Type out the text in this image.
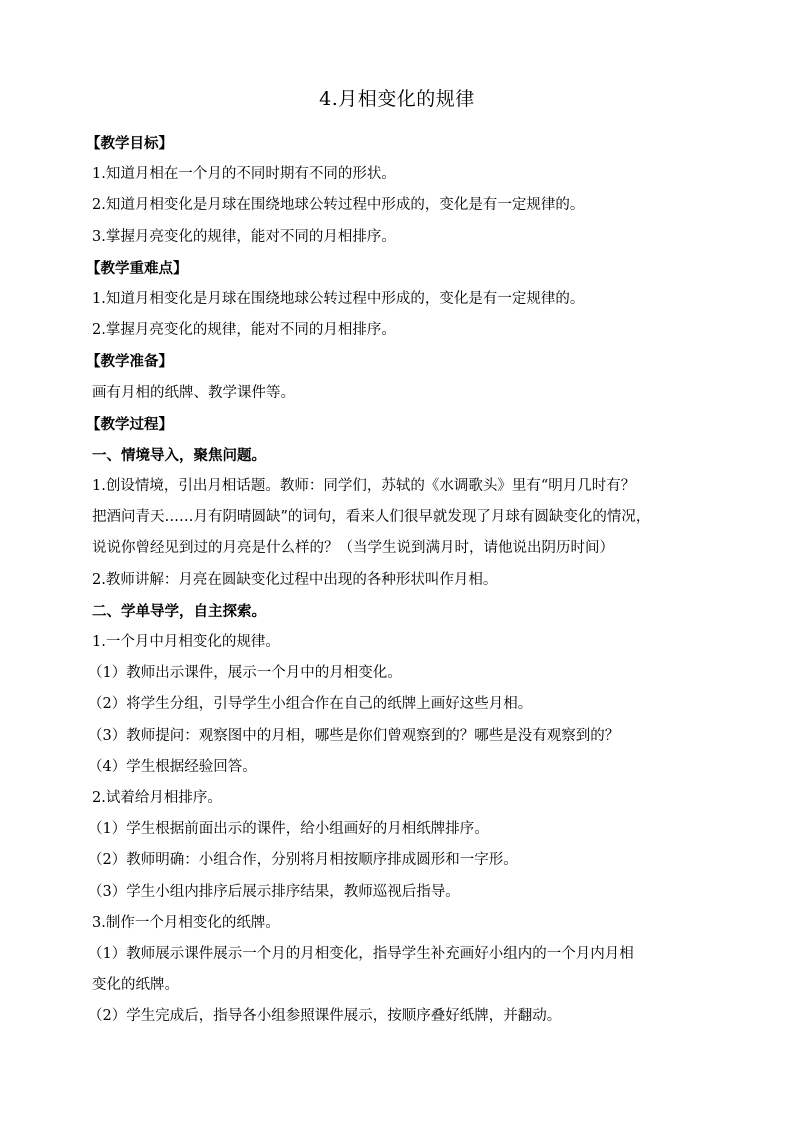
4.月相变化的规律
【教学目标】
1.知道月相在一个月的不同时期有不同的形状。
2.知道月相变化是月球在围绕地球公转过程中形成的，变化是有一定规律的。
3.掌握月亮变化的规律，能对不同的月相排序。
【教学重难点】
1.知道月相变化是月球在围绕地球公转过程中形成的，变化是有一定规律的。
2.掌握月亮变化的规律，能对不同的月相排序。
【教学准备】
画有月相的纸牌、教学课件等。
【教学过程】
一、情境导入，聚焦问题。
1.创设情境，引出月相话题。教师：同学们，苏轼的《水调歌头》里有“明月几时有？
把酒问青天……月有阴晴圆缺”的词句，看来人们很早就发现了月球有圆缺变化的情况，
说说你曾经见到过的月亮是什么样的？（当学生说到满月时，请他说出阴历时间）
2.教师讲解：月亮在圆缺变化过程中出现的各种形状叫作月相。
二、学单导学，自主探索。
1.一个月中月相变化的规律。
（1）教师出示课件，展示一个月中的月相变化。
（2）将学生分组，引导学生小组合作在自己的纸牌上画好这些月相。
（3）教师提问：观察图中的月相，哪些是你们曾观察到的？哪些是没有观察到的？
（4）学生根据经验回答。
2.试着给月相排序。
（1）学生根据前面出示的课件，给小组画好的月相纸牌排序。
（2）教师明确：小组合作，分别将月相按顺序排成圆形和一字形。
（3）学生小组内排序后展示排序结果，教师巡视后指导。
3.制作一个月相变化的纸牌。
（1）教师展示课件展示一个月的月相变化，指导学生补充画好小组内的一个月内月相
变化的纸牌。
（2）学生完成后，指导各小组参照课件展示，按顺序叠好纸牌，并翻动。
